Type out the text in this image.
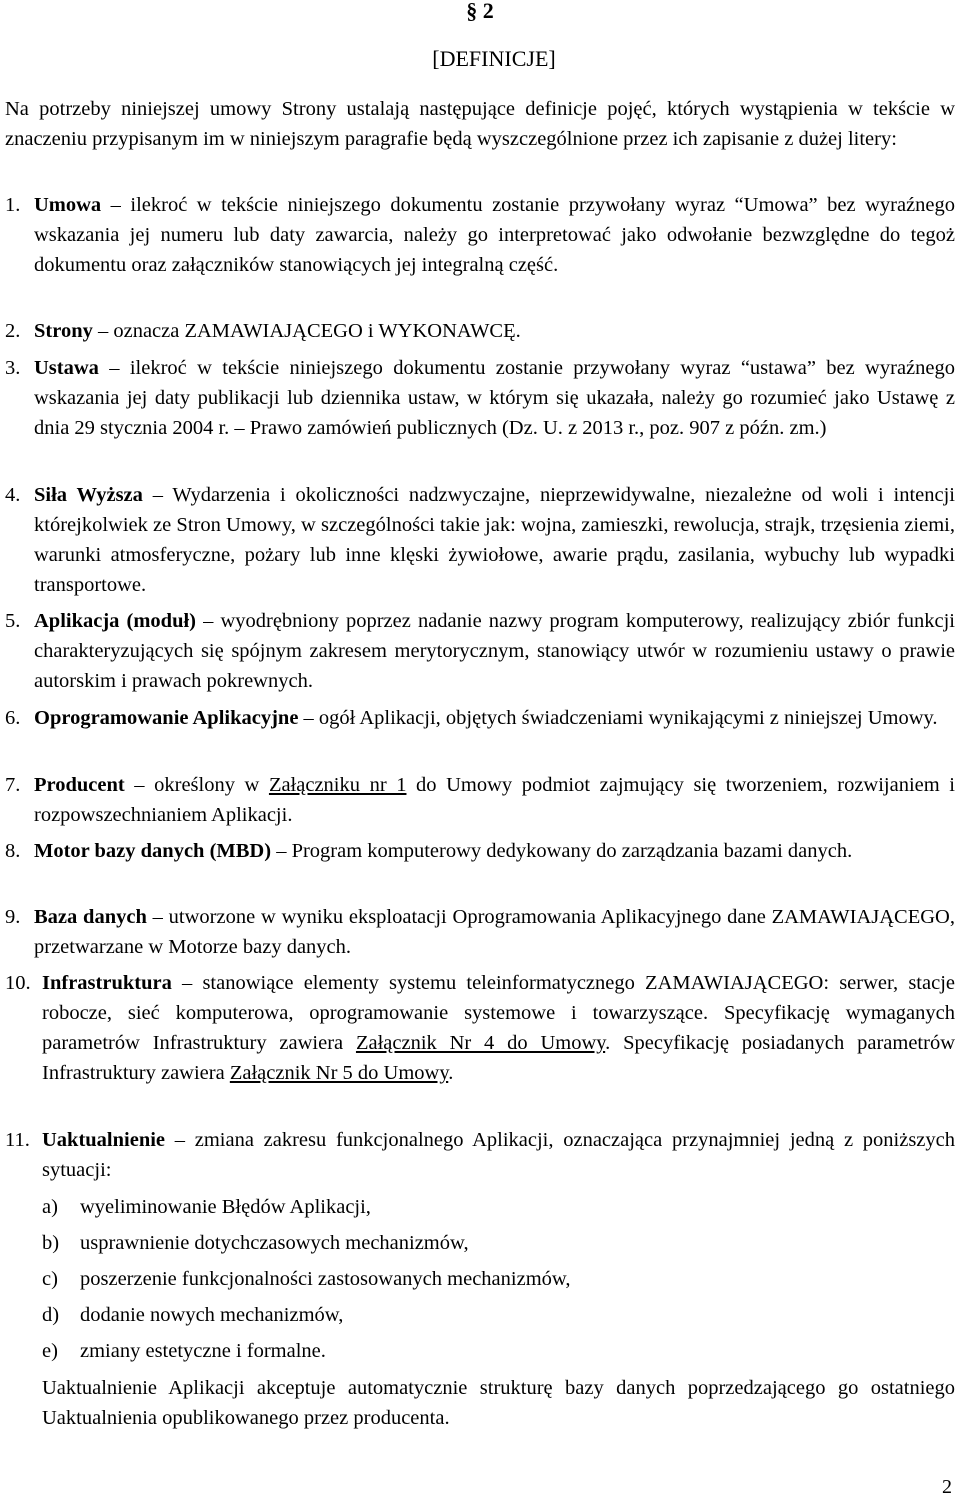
§ 2
[DEFINICJE]
Na potrzeby niniejszej umowy Strony ustalają następujące definicje pojęć, których wystąpienia w tekście w znaczeniu przypisanym im w niniejszym paragrafie będą wyszczególnione przez ich zapisanie z dużej litery:
1. Umowa – ilekroć w tekście niniejszego dokumentu zostanie przywołany wyraz “Umowa” bez wyraźnego wskazania jej numeru lub daty zawarcia, należy go interpretować jako odwołanie bezwzględne do tegoż dokumentu oraz załączników stanowiących jej integralną część.
2. Strony – oznacza ZAMAWIAJĄCEGO i WYKONAWCĘ.
3. Ustawa – ilekroć w tekście niniejszego dokumentu zostanie przywołany wyraz “ustawa” bez wyraźnego wskazania jej daty publikacji lub dziennika ustaw, w którym się ukazała, należy go rozumieć jako Ustawę z dnia 29 stycznia 2004 r. – Prawo zamówień publicznych (Dz. U. z 2013 r., poz. 907 z późn. zm.)
4. Siła Wyższa – Wydarzenia i okoliczności nadzwyczajne, nieprzewidywalne, niezależne od woli i intencji którejkolwiek ze Stron Umowy, w szczególności takie jak: wojna, zamieszki, rewolucja, strajk, trzęsienia ziemi, warunki atmosferyczne, pożary lub inne klęski żywiołowe, awarie prądu, zasilania, wybuchy lub wypadki transportowe.
5. Aplikacja (moduł) – wyodrębniony poprzez nadanie nazwy program komputerowy, realizujący zbiór funkcji charakteryzujących się spójnym zakresem merytorycznym, stanowiący utwór w rozumieniu ustawy o prawie autorskim i prawach pokrewnych.
6. Oprogramowanie Aplikacyjne – ogół Aplikacji, objętych świadczeniami wynikającymi z niniejszej Umowy.
7. Producent – określony w Załączniku nr 1 do Umowy podmiot zajmujący się tworzeniem, rozwijaniem i rozpowszechnianiem Aplikacji.
8. Motor bazy danych (MBD) – Program komputerowy dedykowany do zarządzania bazami danych.
9. Baza danych – utworzone w wyniku eksploatacji Oprogramowania Aplikacyjnego dane ZAMAWIAJĄCEGO, przetwarzane w Motorze bazy danych.
10. Infrastruktura – stanowiące elementy systemu teleinformatycznego ZAMAWIAJĄCEGO: serwer, stacje robocze, sieć komputerowa, oprogramowanie systemowe i towarzyszące. Specyfikację wymaganych parametrów Infrastruktury zawiera Załącznik Nr 4 do Umowy. Specyfikację posiadanych parametrów Infrastruktury zawiera Załącznik Nr 5 do Umowy.
11. Uaktualnienie – zmiana zakresu funkcjonalnego Aplikacji, oznaczająca przynajmniej jedną z poniższych sytuacji:
a) wyeliminowanie Błędów Aplikacji,
b) usprawnienie dotychczasowych mechanizmów,
c) poszerzenie funkcjonalności zastosowanych mechanizmów,
d) dodanie nowych mechanizmów,
e) zmiany estetyczne i formalne.
Uaktualnienie Aplikacji akceptuje automatycznie strukturę bazy danych poprzedzającego go ostatniego Uaktualnienia opublikowanego przez producenta.
2
